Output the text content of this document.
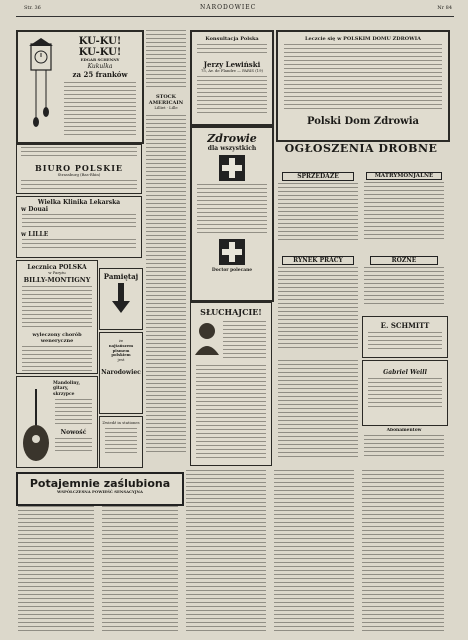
Str. 36	NARODOWIEC	Nr 84
KU-KU!
KU-KU!
EDGAR SCHENNY
Kukulka
za 25 franków
BIURO POLSKIE
Strassburg (Bas-Rhin)
Wielka Klinika Lekarska
w Douai
w LILLE
Lecznica POLSKA
w Paryżu
BILLY-MONTIGNY
wyleczony chorób weneryczne
Mandoliny,
gitary,
skrzypce
Nowość
Pamiętaj
że
najtańszem
pismem
polskiem
jest
Narodowiec
Zwiedź in stationes
STOCK AMERICAIN
Lilliet · Lille
Konsultacja Polska
Jerzy Lewiński
75, Av. de Flandre — PARIS (19)
Zdrowie
dla wszystkich
Doctor polecane
SŁUCHAJCIE!
Leczcie się w POLSKIM DOMU ZDROWIA
Polski Dom Zdrowia
OGŁOSZENIA DROBNE
SPRZEDAŻE	MATRYMONJALNE
RYNEK PRACY	RÓŻNE
E. SCHMITT
Gabriel Weill
Abonamentów
Potajemnie zaślubiona
WSPÓŁCZESNA POWIEŚĆ SENSACYJNA
